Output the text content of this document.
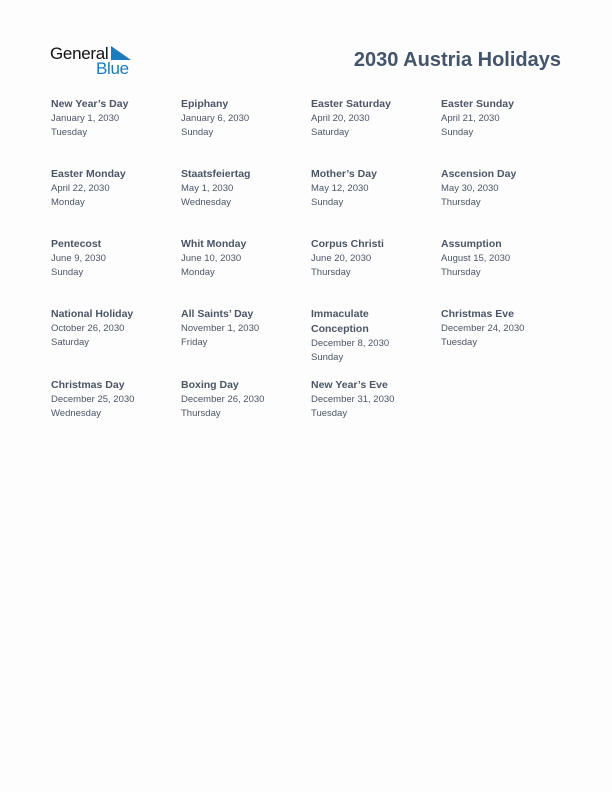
General
Blue	2030 Austria Holidays
New Year’s Day
January 1, 2030
Tuesday
Epiphany
January 6, 2030
Sunday
Easter Saturday
April 20, 2030
Saturday
Easter Sunday
April 21, 2030
Sunday
Easter Monday
April 22, 2030
Monday
Staatsfeiertag
May 1, 2030
Wednesday
Mother’s Day
May 12, 2030
Sunday
Ascension Day
May 30, 2030
Thursday
Pentecost
June 9, 2030
Sunday
Whit Monday
June 10, 2030
Monday
Corpus Christi
June 20, 2030
Thursday
Assumption
August 15, 2030
Thursday
National Holiday
October 26, 2030
Saturday
All Saints’ Day
November 1, 2030
Friday
Immaculate Conception
December 8, 2030
Sunday
Christmas Eve
December 24, 2030
Tuesday
Christmas Day
December 25, 2030
Wednesday
Boxing Day
December 26, 2030
Thursday
New Year’s Eve
December 31, 2030
Tuesday
